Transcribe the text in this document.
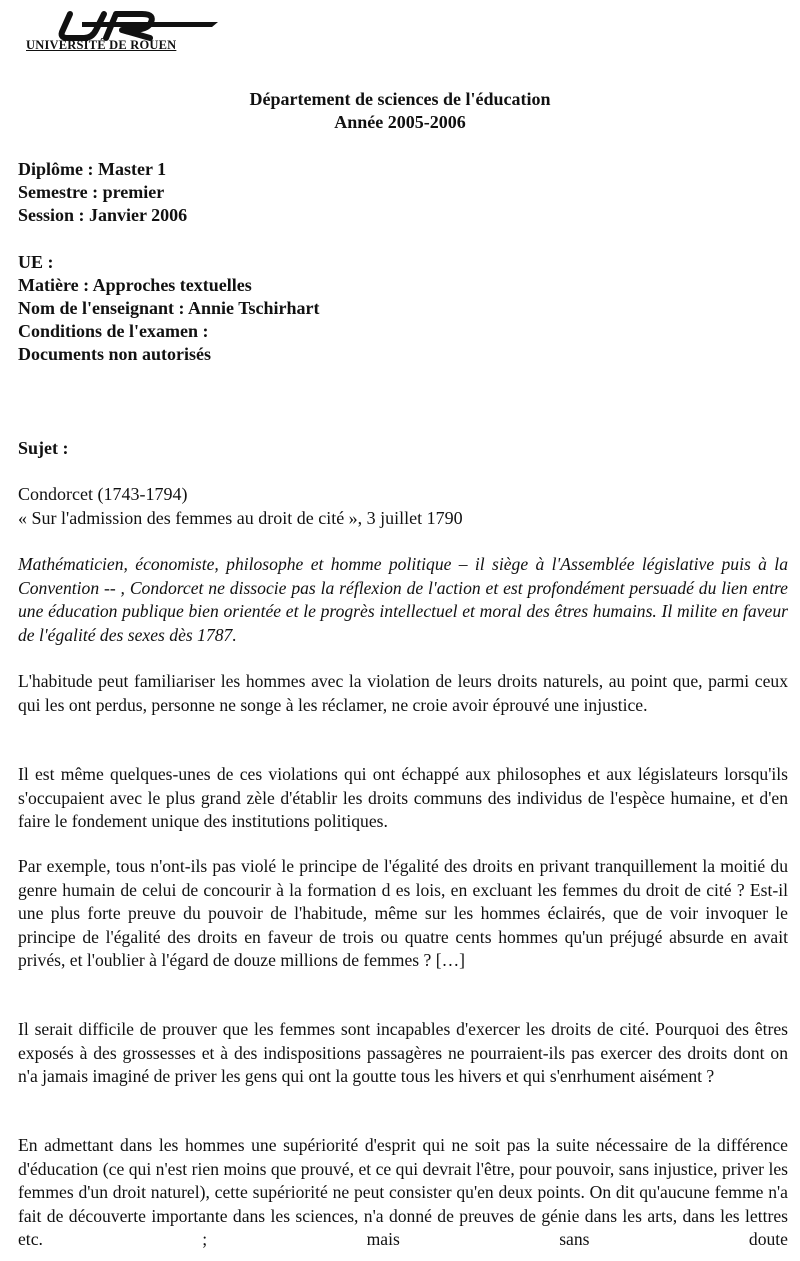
UNIVERSITÉ DE ROUEN
Département de sciences de l'éducation
Année 2005-2006
Diplôme : Master 1
Semestre : premier
Session : Janvier 2006
UE :
Matière : Approches textuelles
Nom de l'enseignant : Annie Tschirhart
Conditions de l'examen :
Documents non autorisés
Sujet :
Condorcet (1743-1794)
« Sur l'admission des femmes au droit de cité », 3 juillet 1790
Mathématicien, économiste, philosophe et homme politique – il siège à l'Assemblée législative puis à la Convention -- , Condorcet ne dissocie pas la réflexion de l'action et est profondément persuadé du lien entre une éducation publique bien orientée et le progrès intellectuel et moral des êtres humains. Il milite en faveur de l'égalité des sexes dès 1787.
L'habitude peut familiariser les hommes avec la violation de leurs droits naturels, au point que, parmi ceux qui les ont perdus, personne ne songe à les réclamer, ne croie avoir éprouvé une injustice.
Il est même quelques-unes de ces violations qui ont échappé aux philosophes et aux législateurs lorsqu'ils s'occupaient avec le plus grand zèle d'établir les droits communs des individus de l'espèce humaine, et d'en faire le fondement unique des institutions politiques.
Par exemple, tous n'ont-ils pas violé le principe de l'égalité des droits en privant tranquillement la moitié du genre humain de celui de concourir à la formation d es lois, en excluant les femmes du droit de cité ? Est-il une plus forte preuve du pouvoir de l'habitude, même sur les hommes éclairés, que de voir invoquer le principe de l'égalité des droits en faveur de trois ou quatre cents hommes qu'un préjugé absurde en avait privés, et l'oublier à l'égard de douze millions de femmes ? […]
Il serait difficile de prouver que les femmes sont incapables d'exercer les droits de cité. Pourquoi des êtres exposés à des grossesses et à des indispositions passagères ne pourraient-ils pas exercer des droits dont on n'a jamais imaginé de priver les gens qui ont la goutte tous les hivers et qui s'enrhument aisément ?
En admettant dans les hommes une supériorité d'esprit qui ne soit pas la suite nécessaire de la différence d'éducation (ce qui n'est rien moins que prouvé, et ce qui devrait l'être, pour pouvoir, sans injustice, priver les femmes d'un droit naturel), cette supériorité ne peut consister qu'en deux points. On dit qu'aucune femme n'a fait de découverte importante dans les sciences, n'a donné de preuves de génie dans les arts, dans les lettres etc. ; mais sans doute
